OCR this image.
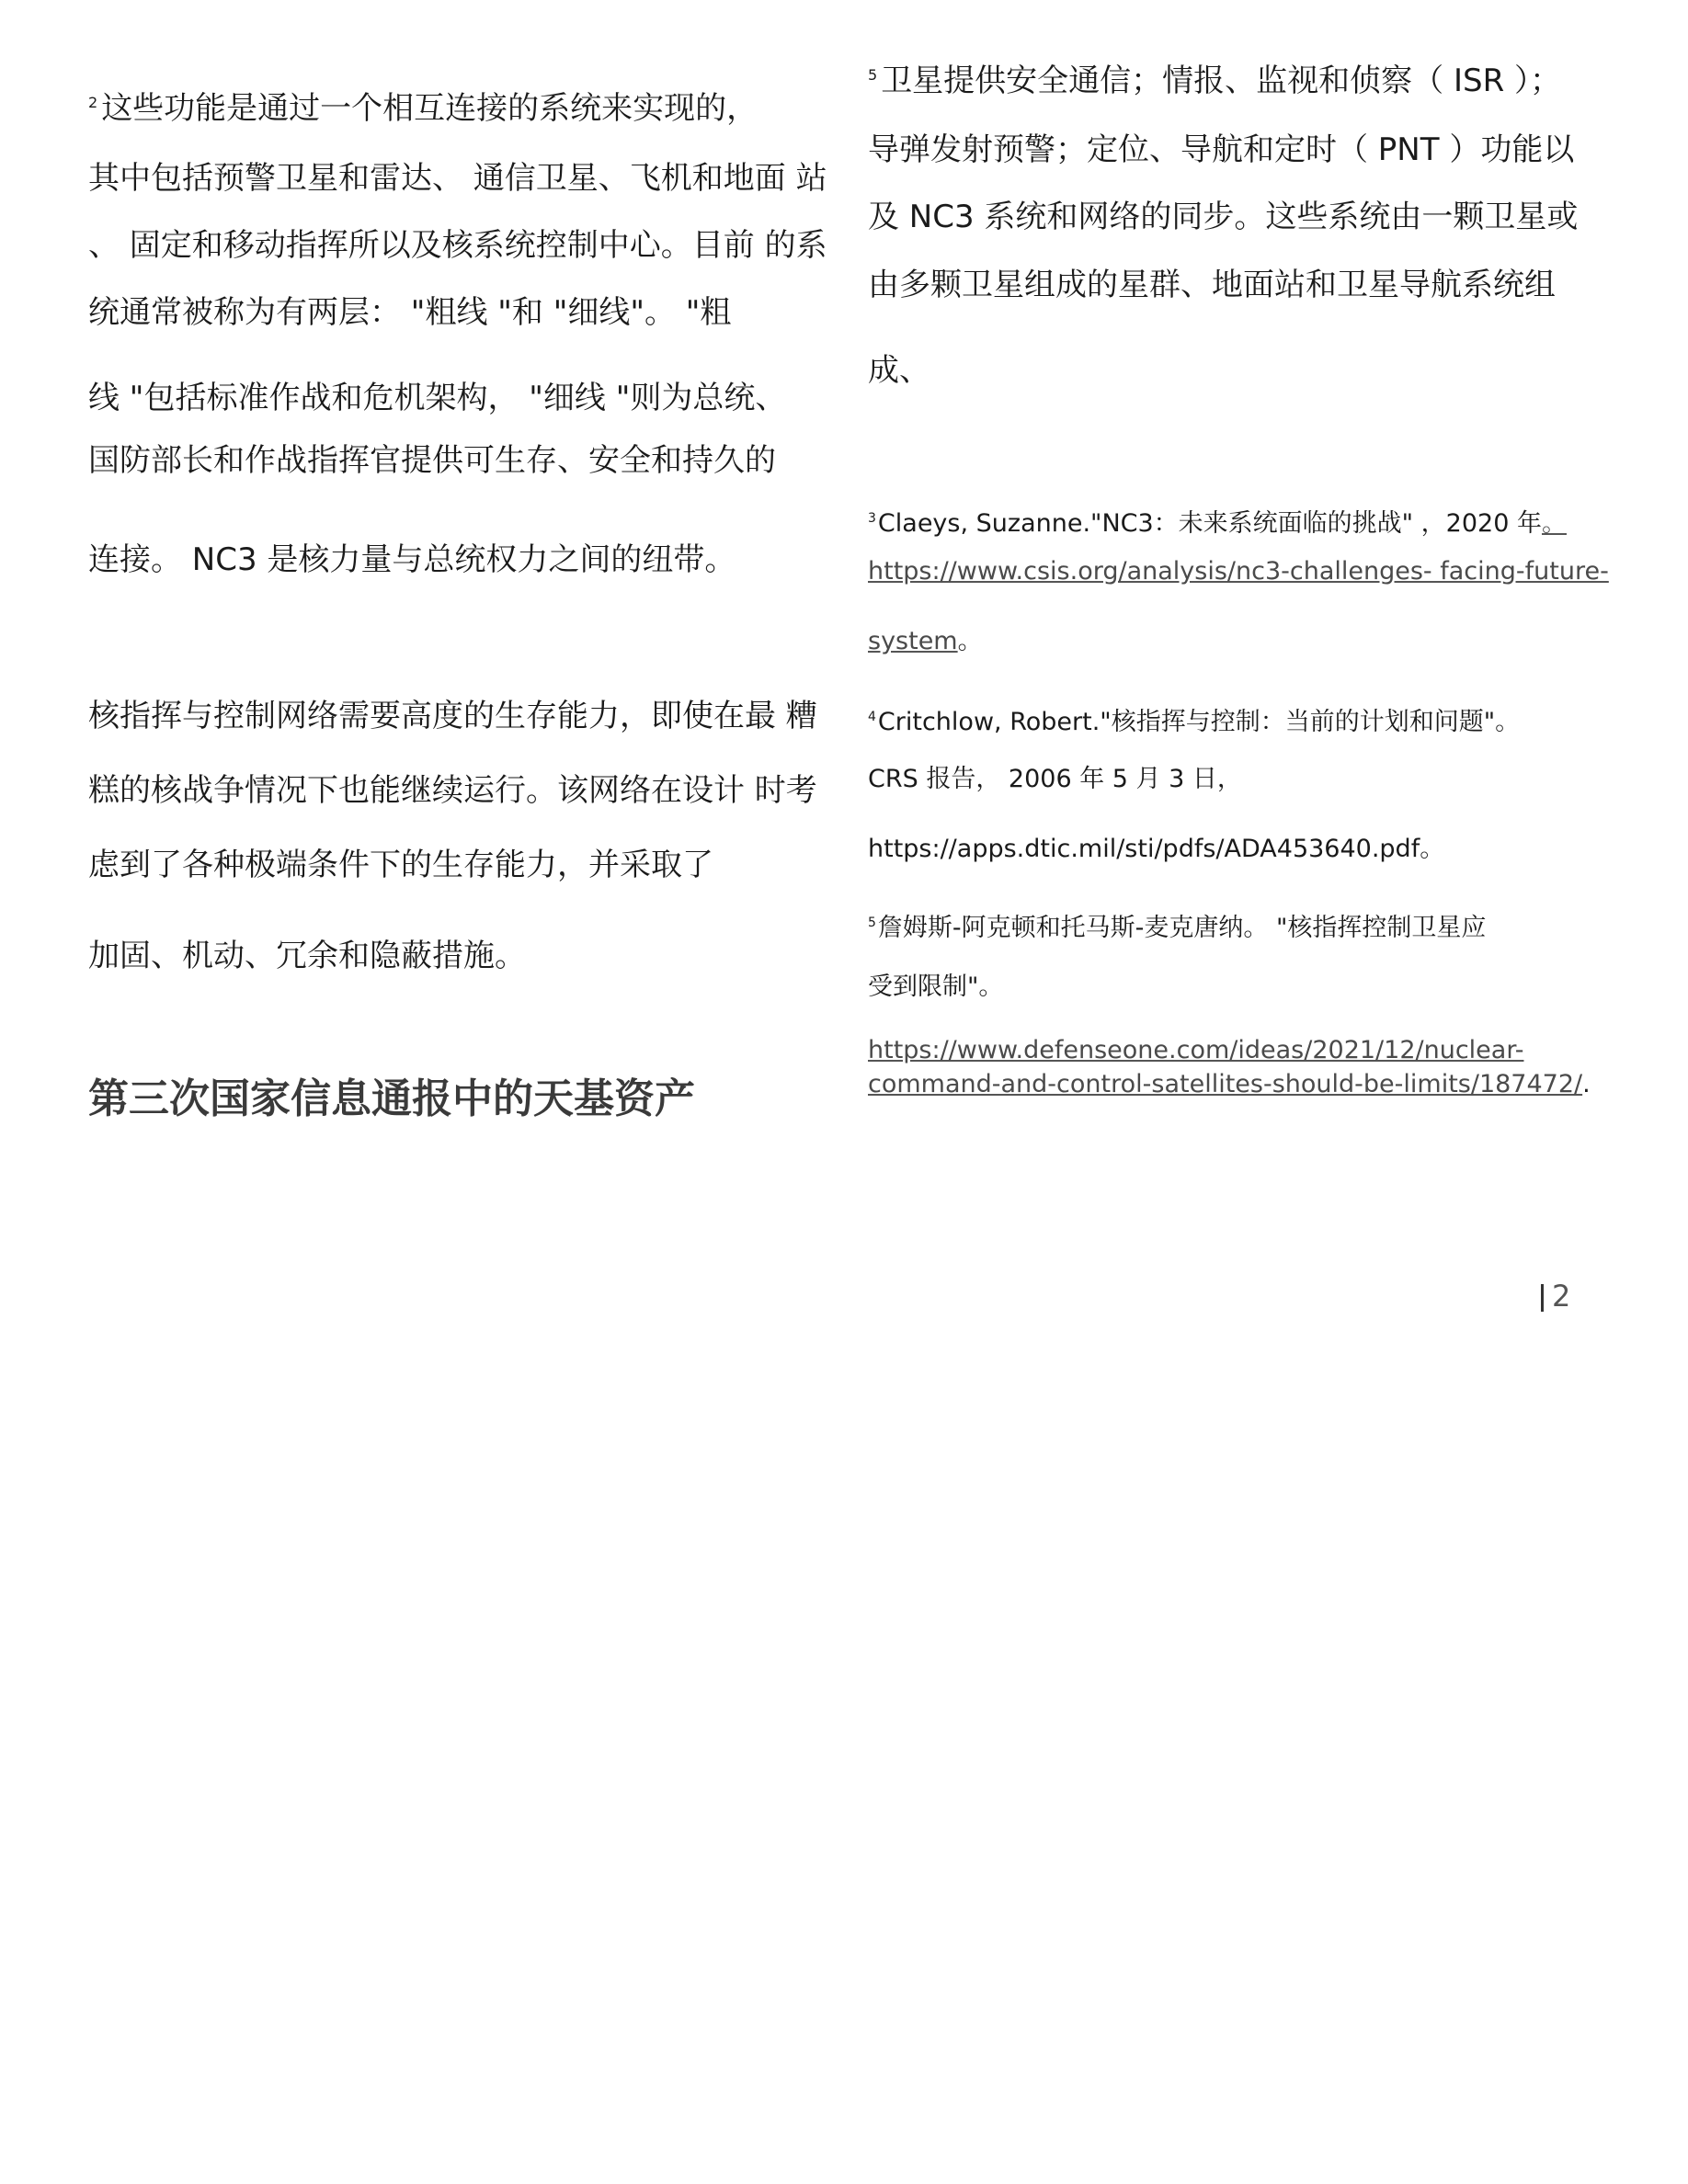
$^2$ 这些功能是通过一个相互连接的系统来实现的，
其中包括预警卫星和雷达、 通信卫星、飞机和地面 站
、 固定和移动指挥所以及核系统控制中心。目前 的系
统通常被称为有两层： "粗线 "和 "细线"。 "粗
线 "包括标准作战和危机架构， "细线 "则为总统、
国防部长和作战指挥官提供可生存、安全和持久的
连接。 NC3 是核力量与总统权力之间的纽带。
核指挥与控制网络需要高度的生存能力，即使在最 糟
糕的核战争情况下也能继续运行。该网络在设计 时考
虑到了各种极端条件下的生存能力，并采取了
加固、机动、冗余和隐蔽措施。
第三次国家信息通报中的天基资产
$^5$ 卫星提供安全通信；情报、监视和侦察（ ISR ）；
导弹发射预警；定位、导航和定时（ PNT ）功能以
及 NC3 系统和网络的同步。这些系统由一颗卫星或
由多颗卫星组成的星群、地面站和卫星导航系统组
成、
$^3$Claeys, Suzanne."NC3：未来系统面临的挑战" ，2020 年。
https://www.csis.org/analysis/nc3-challenges- facing-future-
system。
$^4$Critchlow, Robert."核指挥与控制：当前的计划和问题"。
CRS 报告， 2006 年 5 月 3 日，
https://apps.dtic.mil/sti/pdfs/ADA453640.pdf。
$^5$詹姆斯-阿克顿和托马斯-麦克唐纳。 "核指挥控制卫星应
受到限制"。
https://www.defenseone.com/ideas/2021/12/nuclear-
command-and-control-satellites-should-be-limits/187472/.
2
